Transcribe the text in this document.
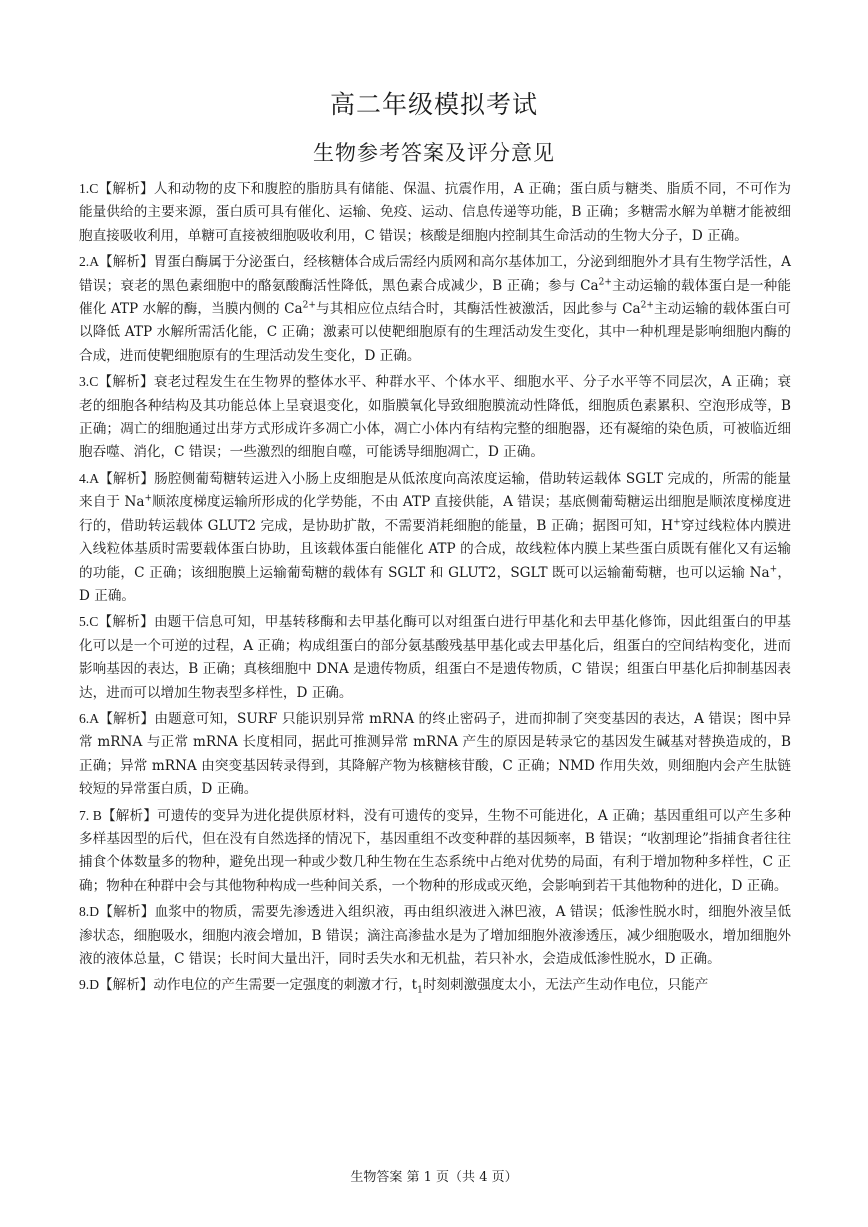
高二年级模拟考试
生物参考答案及评分意见

1.C【解析】人和动物的皮下和腹腔的脂肪具有储能、保温、抗震作用，A 正确；蛋白质与糖类、脂质不同，不可作为能量供给的主要来源，蛋白质可具有催化、运输、免疫、运动、信息传递等功能，B 正确；多糖需水解为单糖才能被细胞直接吸收利用，单糖可直接被细胞吸收利用，C 错误；核酸是细胞内控制其生命活动的生物大分子，D 正确。

2.A【解析】胃蛋白酶属于分泌蛋白，经核糖体合成后需经内质网和高尔基体加工，分泌到细胞外才具有生物学活性，A 错误；衰老的黑色素细胞中的酪氨酸酶活性降低，黑色素合成减少，B 正确；参与 $Ca^{2+}$主动运输的载体蛋白是一种能催化 ATP 水解的酶，当膜内侧的 $Ca^{2+}$与其相应位点结合时，其酶活性被激活，因此参与 $Ca^{2+}$主动运输的载体蛋白可以降低 ATP 水解所需活化能，C 正确；激素可以使靶细胞原有的生理活动发生变化，其中一种机理是影响细胞内酶的合成，进而使靶细胞原有的生理活动发生变化，D 正确。

3.C【解析】衰老过程发生在生物界的整体水平、种群水平、个体水平、细胞水平、分子水平等不同层次，A 正确；衰老的细胞各种结构及其功能总体上呈衰退变化，如脂膜氧化导致细胞膜流动性降低，细胞质色素累积、空泡形成等，B 正确；凋亡的细胞通过出芽方式形成许多凋亡小体，凋亡小体内有结构完整的细胞器，还有凝缩的染色质，可被临近细胞吞噬、消化，C 错误；一些激烈的细胞自噬，可能诱导细胞凋亡，D 正确。

4.A【解析】肠腔侧葡萄糖转运进入小肠上皮细胞是从低浓度向高浓度运输，借助转运载体 SGLT 完成的，所需的能量来自于 Na+顺浓度梯度运输所形成的化学势能，不由 ATP 直接供能，A 错误；基底侧葡萄糖运出细胞是顺浓度梯度进行的，借助转运载体 GLUT2 完成，是协助扩散，不需要消耗细胞的能量，B 正确；据图可知，H+穿过线粒体内膜进入线粒体基质时需要载体蛋白协助，且该载体蛋白能催化 ATP 的合成，故线粒体内膜上某些蛋白质既有催化又有运输的功能，C 正确；该细胞膜上运输葡萄糖的载体有 SGLT 和 GLUT2，SGLT 既可以运输葡萄糖，也可以运输 Na+，D 正确。

5.C【解析】由题干信息可知，甲基转移酶和去甲基化酶可以对组蛋白进行甲基化和去甲基化修饰，因此组蛋白的甲基化可以是一个可逆的过程，A 正确；构成组蛋白的部分氨基酸残基甲基化或去甲基化后，组蛋白的空间结构变化，进而影响基因的表达，B 正确；真核细胞中 DNA 是遗传物质，组蛋白不是遗传物质，C 错误；组蛋白甲基化后抑制基因表达，进而可以增加生物表型多样性，D 正确。

6.A【解析】由题意可知，SURF 只能识别异常 mRNA 的终止密码子，进而抑制了突变基因的表达，A 错误；图中异常 mRNA 与正常 mRNA 长度相同，据此可推测异常 mRNA 产生的原因是转录它的基因发生碱基对替换造成的，B 正确；异常 mRNA 由突变基因转录得到，其降解产物为核糖核苷酸，C 正确；NMD 作用失效，则细胞内会产生肽链较短的异常蛋白质，D 正确。

7. B【解析】可遗传的变异为进化提供原材料，没有可遗传的变异，生物不可能进化，A 正确；基因重组可以产生多种多样基因型的后代，但在没有自然选择的情况下，基因重组不改变种群的基因频率，B 错误；“收割理论”指捕食者往往捕食个体数量多的物种，避免出现一种或少数几种生物在生态系统中占绝对优势的局面，有利于增加物种多样性，C 正确；物种在种群中会与其他物种构成一些种间关系，一个物种的形成或灭绝，会影响到若干其他物种的进化，D 正确。

8.D【解析】血浆中的物质，需要先渗透进入组织液，再由组织液进入淋巴液，A 错误；低渗性脱水时，细胞外液呈低渗状态，细胞吸水，细胞内液会增加，B 错误；滴注高渗盐水是为了增加细胞外液渗透压，减少细胞吸水，增加细胞外液的液体总量，C 错误；长时间大量出汗，同时丢失水和无机盐，若只补水，会造成低渗性脱水，D 正确。

9.D【解析】动作电位的产生需要一定强度的刺激才行，$t_1$时刻刺激强度太小，无法产生动作电位，只能产

生物答案 第 1 页（共 4 页）
